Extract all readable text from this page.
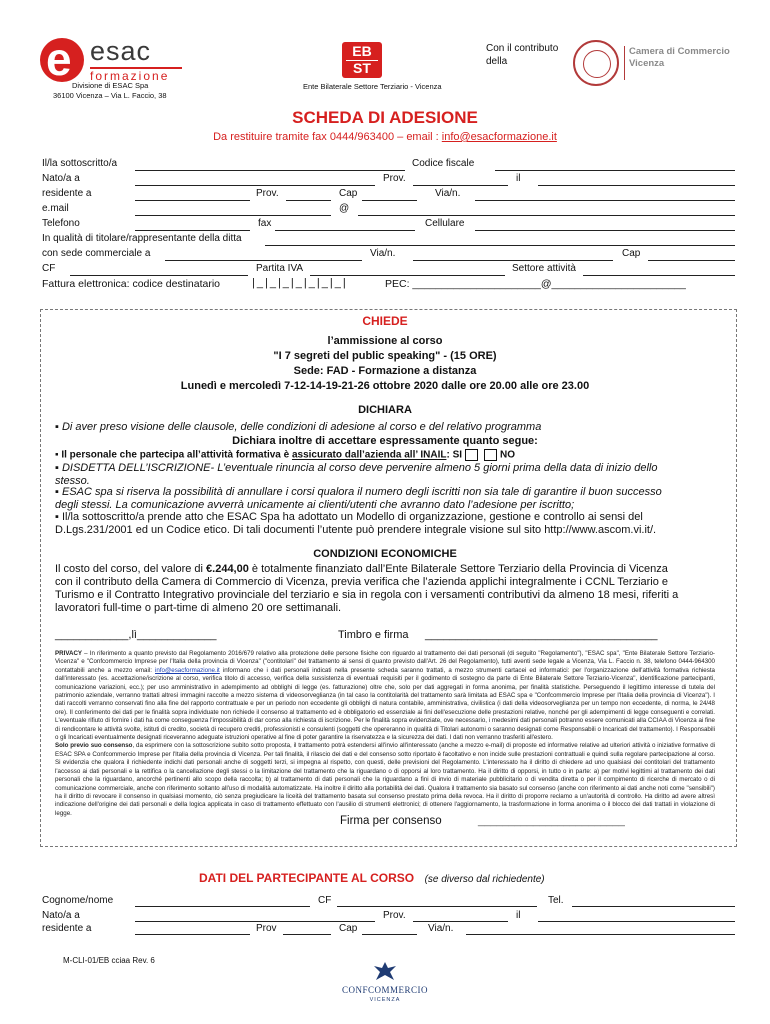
e esac
formazione
Divisione di ESAC Spa
36100 Vicenza – Via L. Faccio, 38
EB
ST
Ente Bilaterale Settore Terziario - Vicenza
Con il contributo
della
Camera di Commercio
Vicenza
SCHEDA DI ADESIONE
Da restituire tramite fax 0444/963400 – email : info@esacformazione.it
Il/la sottoscritto/a	Codice fiscale
Nato/a a	Prov.	il
residente a	Prov.	Cap	Via/n.
e.mail	@
Telefono	fax	Cellulare
In qualità di titolare/rappresentante della ditta
con sede commerciale a	Via/n.	Cap
CF	Partita IVA	Settore attività
Fattura elettronica: codice destinatario	|_|_|_|_|_|_|_|	PEC: ______________________@_______________________
CHIEDE
l’ammissione al corso
"I 7 segreti del public speaking" - (15 ORE)
Sede: FAD - Formazione a distanza
Lunedì e mercoledì 7-12-14-19-21-26 ottobre 2020 dalle ore 20.00 alle ore 23.00
DICHIARA
▪ Di aver preso visione delle clausole, delle condizioni di adesione al corso e del relativo programma
Dichiara inoltre di accettare espressamente quanto segue:
▪ Il personale che partecipa all’attività formativa è assicurato dall’azienda all’ INAIL: SI	NO
▪ DISDETTA DELL’ISCRIZIONE- L’eventuale rinuncia al corso deve pervenire almeno 5 giorni prima della data di inizio dello
stesso.
▪ ESAC spa si riserva la possibilità di annullare i corsi qualora il numero degli iscritti non sia tale di garantire il buon successo
degli stessi. La comunicazione avverrà unicamente ai clienti/utenti che avranno dato l’adesione per iscritto;
▪ Il/la sottoscritto/a prende atto che ESAC Spa ha adottato un Modello di organizzazione, gestione e controllo ai sensi del
D.Lgs.231/2001 ed un Codice etico. Di tali documenti l’utente può prendere integrale visione sul sito http://www.ascom.vi.it/.
CONDIZIONI ECONOMICHE
Il costo del corso, del valore di €.244,00 è totalmente finanziato dall’Ente Bilaterale Settore Terziario della Provincia di Vicenza
con il contributo della Camera di Commercio di Vicenza, previa verifica che l’azienda applichi integralmente i CCNL Terziario e
Turismo e il Contratto Integrativo provinciale del terziario e sia in regola con i versamenti contributivi da almeno 18 mesi, riferiti a
lavoratori full-time o part-time di almeno 20 ore settimanali.
____________,lì_____________	Timbro e firma ______________________________________
PRIVACY – In riferimento a quanto previsto dal Regolamento 2016/679 relativo alla protezione delle persone fisiche con riguardo al trattamento dei dati personali (di seguito "Regolamento"), "ESAC spa", "Ente Bilaterale Settore Terziario-Vicenza" e "Confcommercio Imprese per l'Italia della provincia di Vicenza" ("contitolari" del trattamento ai sensi di quanto previsto dall'Art. 26 del Regolamento), tutti aventi sede legale a Vicenza, Via L. Faccio n. 38, telefono 0444-964300 contattabili anche a mezzo email: info@esacformazione.it informano che i dati personali indicati nella presente scheda saranno trattati, a mezzo strumenti cartacei ed informatici: per l'organizzazione dell'attività formativa richiesta dall'interessato (es. accettazione/iscrizione al corso, verifica titolo di accesso, verifica della sussistenza di eventuali requisiti per il godimento di sostegno da parte di Ente Bilaterale Settore Terziario-Vicenza", identificazione partecipanti, comunicazione variazioni, ecc.); per uso amministrativo in adempimento ad obblighi di legge (es. fatturazione) oltre che, solo per dati aggregati in forma anonima, per finalità statistiche. Perseguendo il legittimo interesse di tutela del patrimonio aziendale, verranno trattati altresì immagini raccolte a mezzo sistema di videosorveglianza (in tal caso la contitolarità del trattamento sarà limitata ad ESAC spa e "Confcommercio Imprese per l'Italia della provincia di Vicenza"). I dati raccolti verranno conservati fino alla fine del rapporto contrattuale e per un periodo non eccedente gli obblighi di natura contabile, amministrativa, civilistica (i dati della videosorveglianza per un tempo non eccedente, di norma, le 24/48 ore). Il conferimento dei dati per le finalità sopra individuate non richiede il consenso al trattamento ed è obbligatorio ed essenziale ai fini dell'esecuzione delle prestazioni relative, nonché per gli adempimenti di legge conseguenti e correlati. L'eventuale rifiuto di fornire i dati ha come conseguenza l'impossibilità di dar corso alla richiesta di iscrizione. Per le finalità sopra evidenziate, ove necessario, i medesimi dati personali potranno essere comunicati alla CCIAA di Vicenza ai fine di rendicontare le attività svolte, istituti di credito, società di recupero crediti, professionisti e consulenti (soggetti che opereranno in qualità di Titolari autonomi o saranno designati come Responsabili o Incaricati del trattamento). I Responsabili o gli Incaricati eventualmente designati riceveranno adeguate istruzioni operative al fine di poter garantire la riservatezza e la sicurezza dei dati. I dati non verranno trasferiti all'estero.
Solo previo suo consenso, da esprimere con la sottoscrizione subito sotto proposta, il trattamento potrà estendersi all'invio all'interessato (anche a mezzo e-mail) di proposte ed informative relative ad ulteriori attività o iniziative formative di ESAC SPA e Confcommercio Imprese per l'Italia della provincia di Vicenza. Per tali finalità, il rilascio dei dati e del consenso sotto riportato è facoltativo e non incide sulle prestazioni contrattuali e quindi sulla regolare partecipazione al corso. Si evidenzia che qualora il richiedente indichi dati personali anche di soggetti terzi, si impegna al rispetto, con questi, delle previsioni del Regolamento. L'interessato ha il diritto di chiedere ad uno qualsiasi dei contitolari del trattamento l'accesso ai dati personali e la rettifica o la cancellazione degli stessi o la limitazione del trattamento che la riguardano o di opporsi al loro trattamento. Ha il diritto di opporsi, in tutto o in parte: a) per motivi legittimi al trattamento dei dati personali che la riguardano, ancorché pertinenti allo scopo della raccolta; b) al trattamento di dati personali che la riguardano a fini di invio di materiale pubblicitario o di vendita diretta o per il compimento di ricerche di mercato o di comunicazione commerciale, anche con riferimento soltanto all'uso di modalità automatizzate. Ha inoltre il diritto alla portabilità dei dati. Qualora il trattamento sia basato sul consenso (anche con riferimento ai dati anche noti come "sensibili") ha il diritto di revocare il consenso in qualsiasi momento, ciò senza pregiudicare la liceità del trattamento basata sul consenso prestato prima della revoca. Ha il diritto di proporre reclamo a un'autorità di controllo. Ha diritto ad avere altresì indicazione dell'origine dei dati personali e della logica applicata in caso di trattamento effettuato con l'ausilio di strumenti elettronici; di ottenere l'aggiornamento, la trasformazione in forma anonima o il blocco dei dati trattati in violazione di legge.
Firma per consenso	________________________
DATI DEL PARTECIPANTE AL CORSO (se diverso dal richiedente)
Cognome/nome	CF	Tel.
Nato/a a	Prov.	il
residente a	Prov	Cap	Via/n.
M-CLI-01/EB cciaa Rev. 6
CONFCOMMERCIO
VICENZA
